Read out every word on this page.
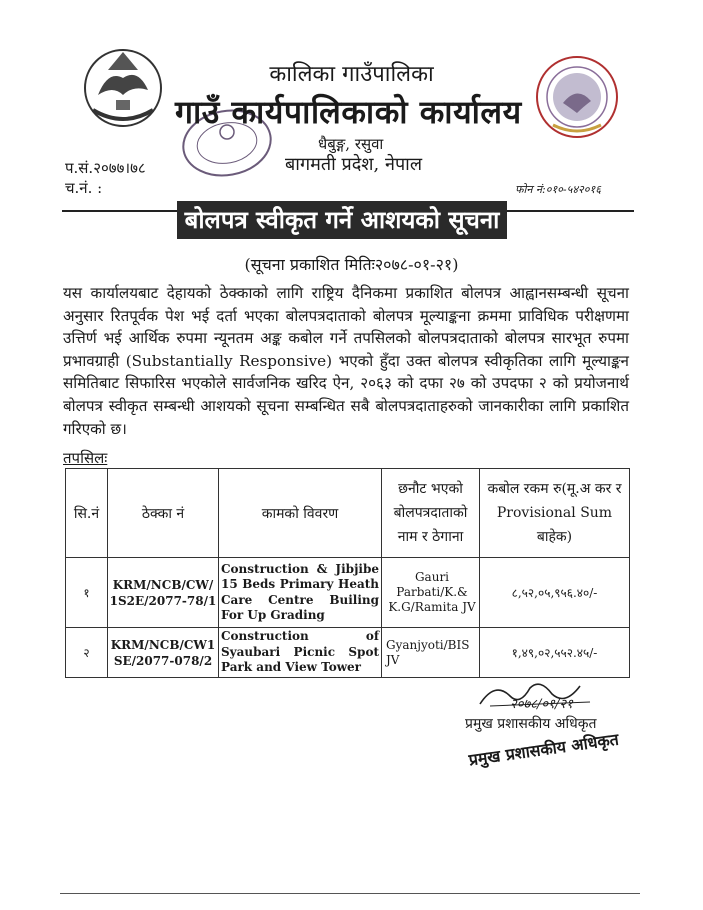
कालिका गाउँपालिका
गाउँ कार्यपालिकाको कार्यालय
धैबुङ्ग, रसुवा
बागमती प्रदेश, नेपाल
प.सं.२०७७।७८
च.नं. :	फोन नं:०१०-५४२०१६
बोलपत्र स्वीकृत गर्ने आशयको सूचना
(सूचना प्रकाशित मितिः२०७८-०१-२१)
यस कार्यालयबाट देहायको ठेक्काको लागि राष्ट्रिय दैनिकमा प्रकाशित बोलपत्र आह्वानसम्बन्धी सूचना अनुसार रितपूर्वक पेश भई दर्ता भएका बोलपत्रदाताको बोलपत्र मूल्याङ्कना क्रममा प्राविधिक परीक्षणमा उत्तिर्ण भई आर्थिक रुपमा न्यूनतम अङ्क कबोल गर्ने तपसिलको बोलपत्रदाताको बोलपत्र सारभूत रुपमा प्रभावग्राही (Substantially Responsive) भएको हुँदा उक्त बोलपत्र स्वीकृतिका लागि मूल्याङ्कन समितिबाट सिफारिस भएकोले सार्वजनिक खरिद ऐन, २०६३ को दफा २७ को उपदफा २ को प्रयोजनार्थ बोलपत्र स्वीकृत सम्बन्धी आशयको सूचना सम्बन्धित सबै बोलपत्रदाताहरुको जानकारीका लागि प्रकाशित गरिएको छ।
तपसिलः
सि.नं	ठेक्का नं	कामको विवरण	छनौट भएको बोलपत्रदाताको नाम र ठेगाना	कबोल रकम रु(मू.अ कर र Provisional Sum बाहेक)
१	KRM/NCB/CW/1S2E/2077-78/1	Construction & Jibjibe 15 Beds Primary Heath Care Centre Builing For Up Grading	Gauri Parbati/K.& K.G/Ramita JV	८,५२,०५,९५६.४०/-
२	KRM/NCB/CW1SE/2077-078/2	Construction of Syaubari Picnic Spot Park and View Tower	Gyanjyoti/BIS JV	१,४९,०२,५५२.४५/-
२०७८/०१/२१
प्रमुख प्रशासकीय अधिकृत
प्रमुख प्रशासकीय अधिकृत
